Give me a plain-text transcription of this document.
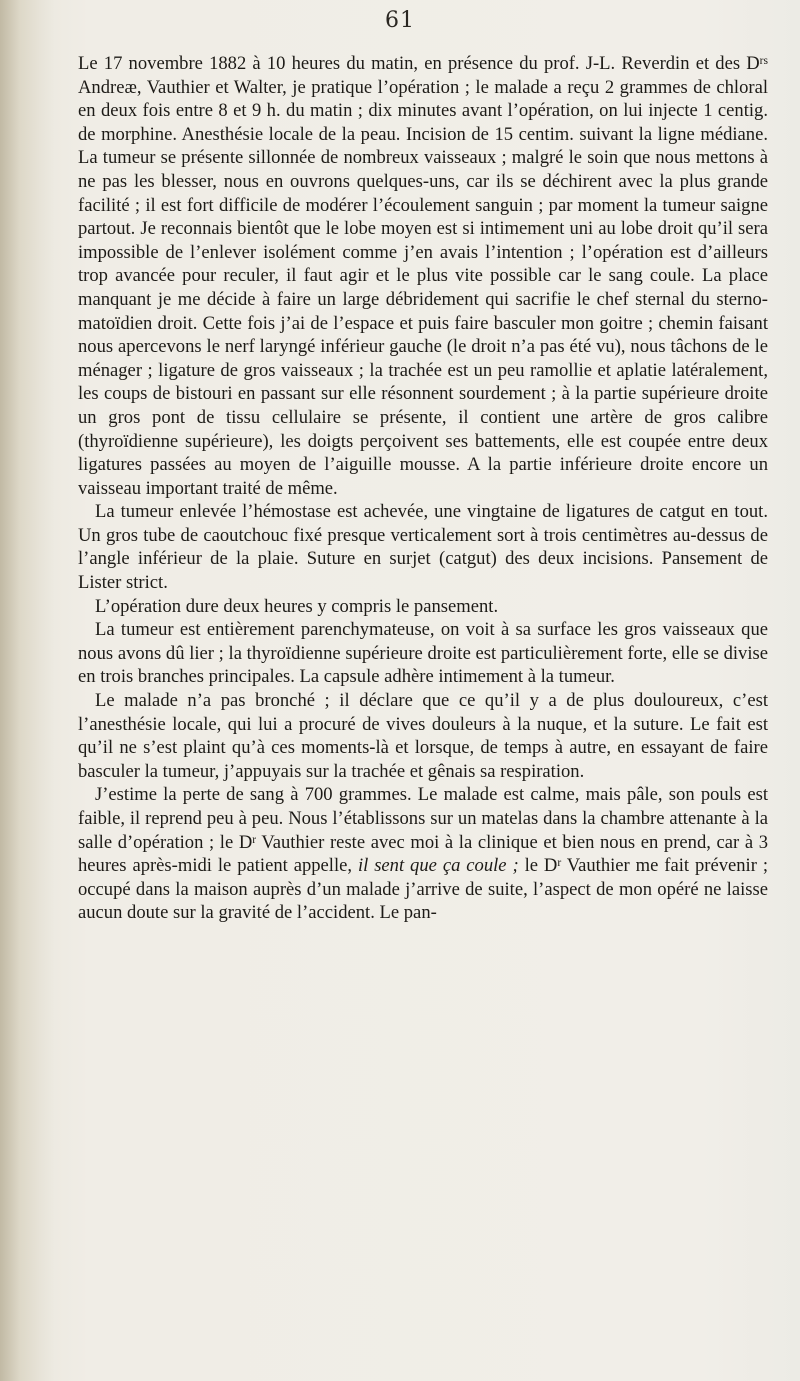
61

Le 17 novembre 1882 à 10 heures du matin, en présence du prof. J-L. Reverdin et des $D^{rs}$ Andreæ, Vauthier et Walter, je pratique l’opération ; le malade a reçu 2 grammes de chloral en deux fois entre 8 et 9 h. du matin ; dix minutes avant l’opération, on lui injecte 1 centig. de morphine. Anesthésie locale de la peau. Incision de 15 centim. suivant la ligne médiane. La tumeur se présente sillonnée de nombreux vaisseaux ; malgré le soin que nous mettons à ne pas les blesser, nous en ouvrons quelques-uns, car ils se déchirent avec la plus grande facilité ; il est fort difficile de modérer l’écoulement sanguin ; par moment la tumeur saigne partout. Je reconnais bientôt que le lobe moyen est si intimement uni au lobe droit qu’il sera impossible de l’enlever isolément comme j’en avais l’intention ; l’opération est d’ailleurs trop avancée pour reculer, il faut agir et le plus vite possible car le sang coule. La place manquant je me décide à faire un large débridement qui sacrifie le chef sternal du sterno-matoïdien droit. Cette fois j’ai de l’espace et puis faire basculer mon goitre ; chemin faisant nous apercevons le nerf laryngé inférieur gauche (le droit n’a pas été vu), nous tâchons de le ménager ; ligature de gros vaisseaux ; la trachée est un peu ramollie et aplatie latéralement, les coups de bistouri en passant sur elle résonnent sourdement ; à la partie supérieure droite un gros pont de tissu cellulaire se présente, il contient une artère de gros calibre (thyroïdienne supérieure), les doigts perçoivent ses battements, elle est coupée entre deux ligatures passées au moyen de l’aiguille mousse. A la partie inférieure droite encore un vaisseau important traité de même.

La tumeur enlevée l’hémostase est achevée, une vingtaine de ligatures de catgut en tout. Un gros tube de caoutchouc fixé presque verticalement sort à trois centimètres au-dessus de l’angle inférieur de la plaie. Suture en surjet (catgut) des deux incisions. Pansement de Lister strict.

L’opération dure deux heures y compris le pansement.

La tumeur est entièrement parenchymateuse, on voit à sa surface les gros vaisseaux que nous avons dû lier ; la thyroïdienne supérieure droite est particulièrement forte, elle se divise en trois branches principales. La capsule adhère intimement à la tumeur.

Le malade n’a pas bronché ; il déclare que ce qu’il y a de plus douloureux, c’est l’anesthésie locale, qui lui a procuré de vives douleurs à la nuque, et la suture. Le fait est qu’il ne s’est plaint qu’à ces moments-là et lorsque, de temps à autre, en essayant de faire basculer la tumeur, j’appuyais sur la trachée et gênais sa respiration.

J’estime la perte de sang à 700 grammes. Le malade est calme, mais pâle, son pouls est faible, il reprend peu à peu. Nous l’établissons sur un matelas dans la chambre attenante à la salle d’opération ; le $D^r$ Vauthier reste avec moi à la clinique et bien nous en prend, car à 3 heures après-midi le patient appelle, il sent que ça coule ; le $D^r$ Vauthier me fait prévenir ; occupé dans la maison auprès d’un malade j’arrive de suite, l’aspect de mon opéré ne laisse aucun doute sur la gravité de l’accident. Le pan-
